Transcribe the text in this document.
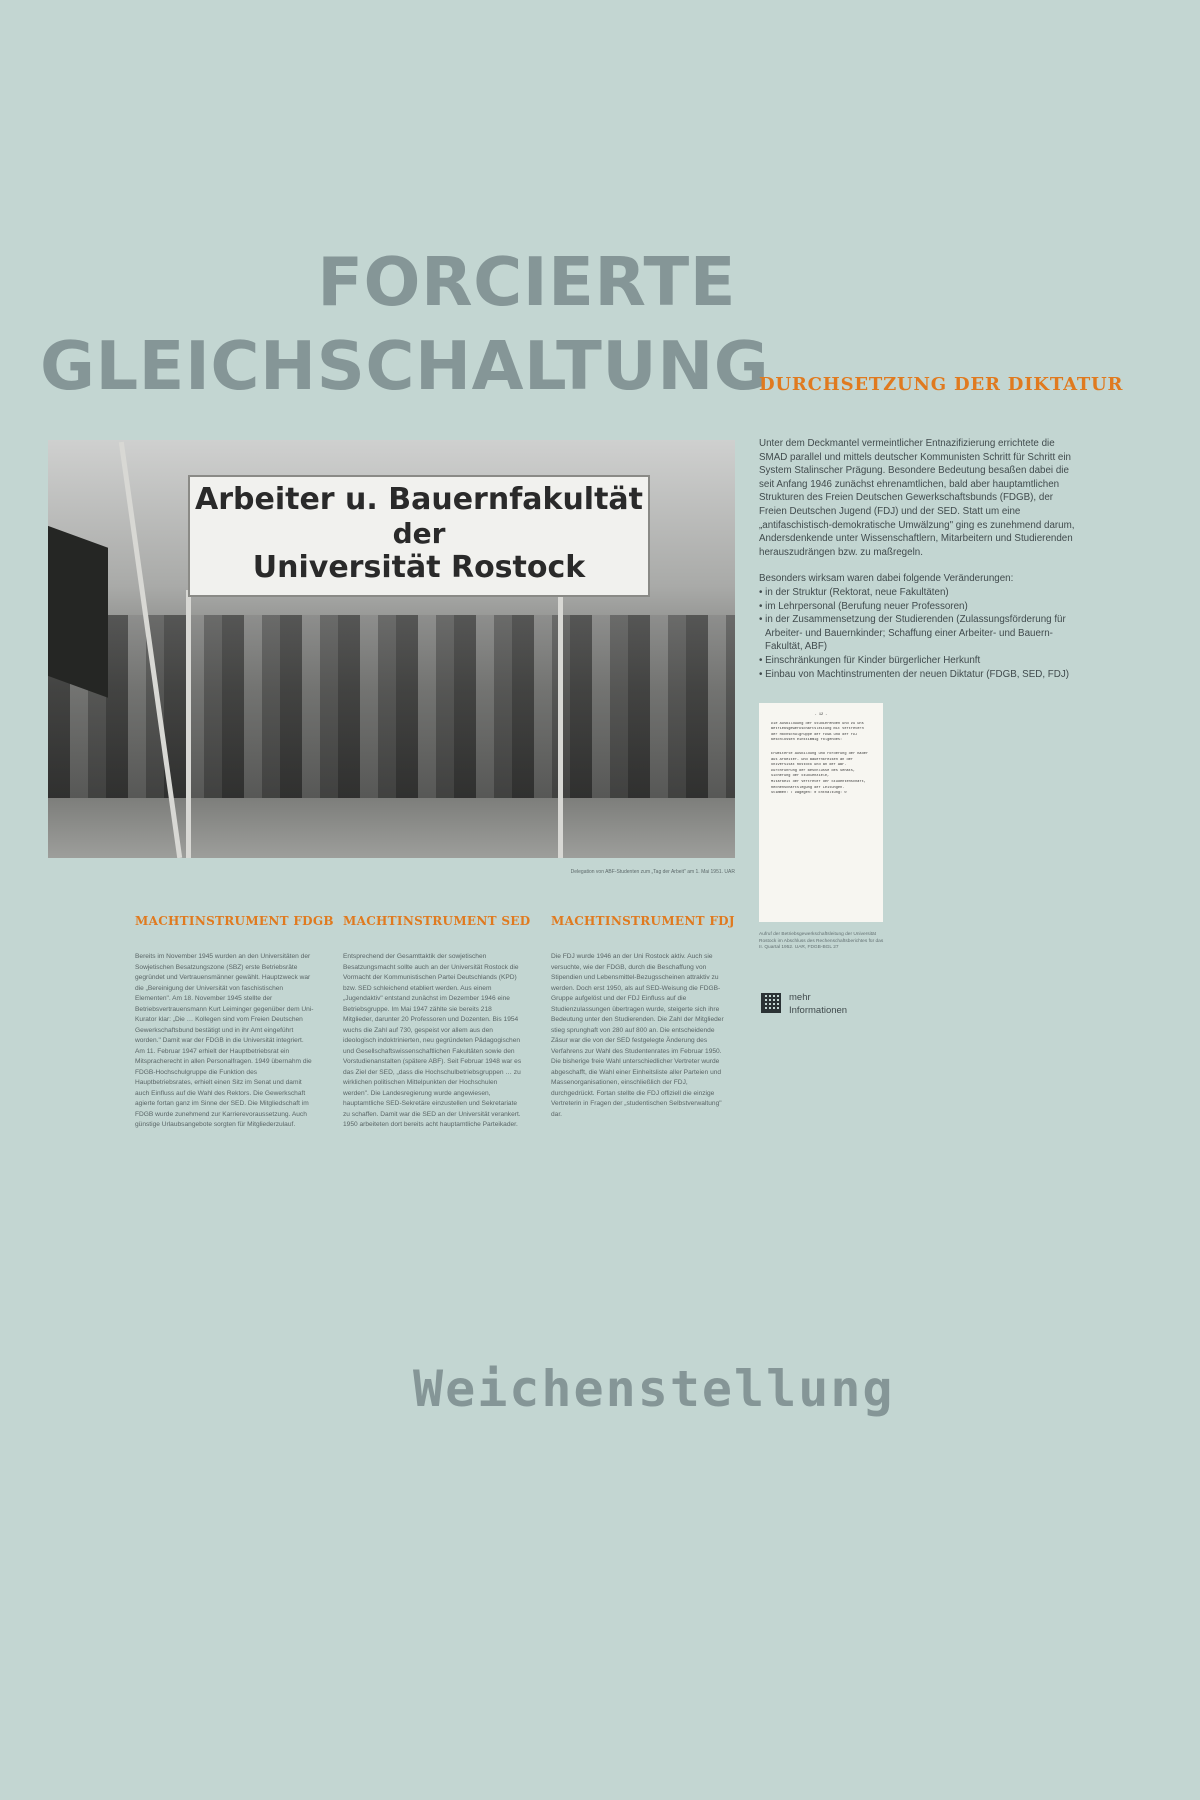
FORCIERTE
GLEICHSCHALTUNG
DURCHSETZUNG DER DIKTATUR
Arbeiter u. Bauernfakultät
der
Universität Rostock
Delegation von ABF-Studenten zum „Tag der Arbeit" am 1. Mai 1951. UAR

Unter dem Deckmantel vermeintlicher Entnazifizierung errichtete die SMAD parallel und mittels deutscher Kommunisten Schritt für Schritt ein System Stalinscher Prägung. Besondere Bedeutung besaßen dabei die seit Anfang 1946 zunächst ehrenamtlichen, bald aber hauptamtlichen Strukturen des Freien Deutschen Gewerkschaftsbunds (FDGB), der Freien Deutschen Jugend (FDJ) und der SED. Statt um eine „antifaschistisch-demokratische Umwälzung" ging es zunehmend darum, Andersdenkende unter Wissenschaftlern, Mitarbeitern und Studierenden herauszudrängen bzw. zu maßregeln.

Besonders wirksam waren dabei folgende Veränderungen:

• in der Struktur (Rektorat, neue Fakultäten)
• im Lehrpersonal (Berufung neuer Professoren)
• in der Zusammensetzung der Studierenden (Zulassungsförderung für Arbeiter- und Bauernkinder; Schaffung einer Arbeiter- und Bauern-Fakultät, ABF)
• Einschränkungen für Kinder bürgerlicher Herkunft
• Einbau von Machtinstrumenten der neuen Diktatur (FDGB, SED, FDJ)
- 12 -
Die Ausbilduung der Studierenden und zu uns
Betriebsgewerkschaftsleitung mit Vertretern
der Hochschulgruppe der FDGB und der FDJ
beschlossen einstimmig folgendes:
Erweiterte Ausbildung und Förderung der Kader
aus Arbeiter- und Bauernkreisen an der
Universität Rostock und an der ABF.
Durchführung der Beschlüsse des Senats,
Sicherung der Studienziele,
Mitarbeit der Vertreter der Studentenschaft,
Rechenschaftslegung der Leitungen.
Stimmen: 7 Dagegen: 0 Enthaltung: 0
Aufruf der Betriebsgewerkschaftsleitung der Universität Rostock im Abschluss des Rechenschaftsberichtes für das II. Quartal 1952. UAR, FDGB-BGL 27
mehr
Informationen
MACHTINSTRUMENT FDGB

Bereits im November 1945 wurden an den Universitäten der Sowjetischen Besatzungszone (SBZ) erste Betriebsräte gegründet und Vertrauensmänner gewählt. Hauptzweck war die „Bereinigung der Universität von faschistischen Elementen". Am 18. November 1945 stellte der Betriebsvertrauensmann Kurt Leiminger gegenüber dem Uni-Kurator klar: „Die … Kollegen sind vom Freien Deutschen Gewerkschaftsbund bestätigt und in ihr Amt eingeführt worden." Damit war der FDGB in die Universität integriert. Am 11. Februar 1947 erhielt der Hauptbetriebsrat ein Mitspracherecht in allen Personalfragen. 1949 übernahm die FDGB-Hochschulgruppe die Funktion des Hauptbetriebsrates, erhielt einen Sitz im Senat und damit auch Einfluss auf die Wahl des Rektors. Die Gewerkschaft agierte fortan ganz im Sinne der SED. Die Mitgliedschaft im FDGB wurde zunehmend zur Karrierevoraussetzung. Auch günstige Urlaubsangebote sorgten für Mitgliederzulauf.

MACHTINSTRUMENT SED

Entsprechend der Gesamttaktik der sowjetischen Besatzungsmacht sollte auch an der Universität Rostock die Vormacht der Kommunistischen Partei Deutschlands (KPD) bzw. SED schleichend etabliert werden. Aus einem „Jugendaktiv" entstand zunächst im Dezember 1946 eine Betriebsgruppe. Im Mai 1947 zählte sie bereits 218 Mitglieder, darunter 20 Professoren und Dozenten. Bis 1954 wuchs die Zahl auf 730, gespeist vor allem aus den ideologisch indoktrinierten, neu gegründeten Pädagogischen und Gesellschaftswissenschaftlichen Fakultäten sowie den Vorstudienanstalten (spätere ABF). Seit Februar 1948 war es das Ziel der SED, „dass die Hochschulbetriebsgruppen … zu wirklichen politischen Mittelpunkten der Hochschulen werden". Die Landesregierung wurde angewiesen, hauptamtliche SED-Sekretäre einzustellen und Sekretariate zu schaffen. Damit war die SED an der Universität verankert. 1950 arbeiteten dort bereits acht hauptamtliche Parteikader.

MACHTINSTRUMENT FDJ

Die FDJ wurde 1946 an der Uni Rostock aktiv. Auch sie versuchte, wie der FDGB, durch die Beschaffung von Stipendien und Lebensmittel-Bezugsscheinen attraktiv zu werden. Doch erst 1950, als auf SED-Weisung die FDGB-Gruppe aufgelöst und der FDJ Einfluss auf die Studienzulassungen übertragen wurde, steigerte sich ihre Bedeutung unter den Studierenden. Die Zahl der Mitglieder stieg sprunghaft von 280 auf 800 an. Die entscheidende Zäsur war die von der SED festgelegte Änderung des Verfahrens zur Wahl des Studentenrates im Februar 1950. Die bisherige freie Wahl unterschiedlicher Vertreter wurde abgeschafft, die Wahl einer Einheitsliste aller Parteien und Massenorganisationen, einschließlich der FDJ, durchgedrückt. Fortan stellte die FDJ offiziell die einzige Vertreterin in Fragen der „studentischen Selbstverwaltung" dar.

Weichenstellung
